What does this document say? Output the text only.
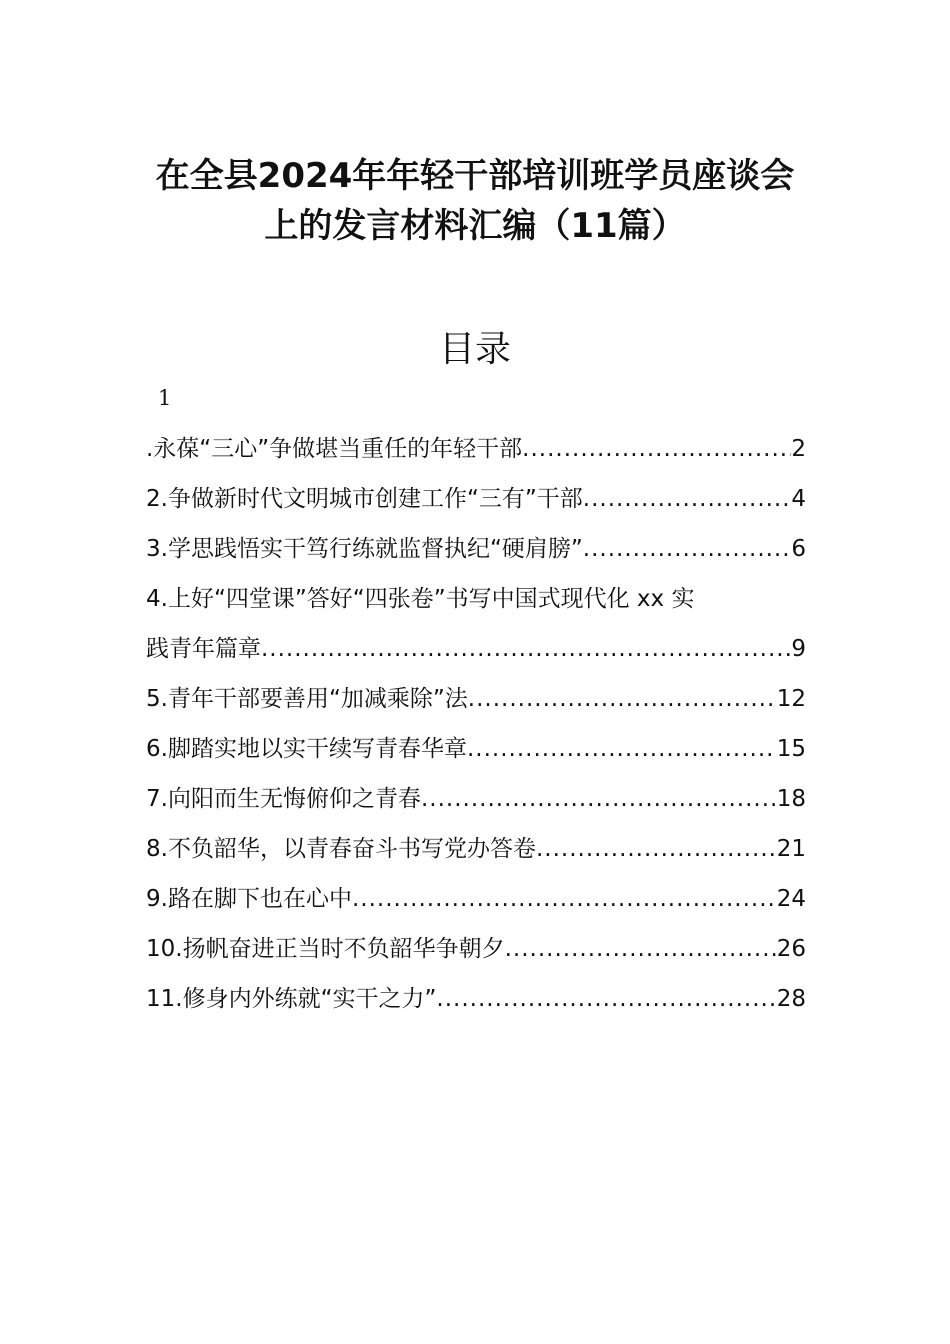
在全县2024年年轻干部培训班学员座谈会
上的发言材料汇编（11篇）
目录
1
.永葆“三心”争做堪当重任的年轻干部 .....	2
2.争做新时代文明城市创建工作“三有”干部 .....	4
3.学思践悟实干笃行练就监督执纪“硬肩膀” .....	6
4.上好“四堂课”答好“四张卷”书写中国式现代化 xx 实
践青年篇章 .....	9
5.青年干部要善用“加减乘除”法 .....	12
6.脚踏实地以实干续写青春华章 .....	15
7.向阳而生无悔俯仰之青春 .....	18
8.不负韶华，以青春奋斗书写党办答卷 .....	21
9.路在脚下也在心中 .....	24
10.扬帆奋进正当时不负韶华争朝夕 .....	26
11.修身内外练就“实干之力” .....	28
